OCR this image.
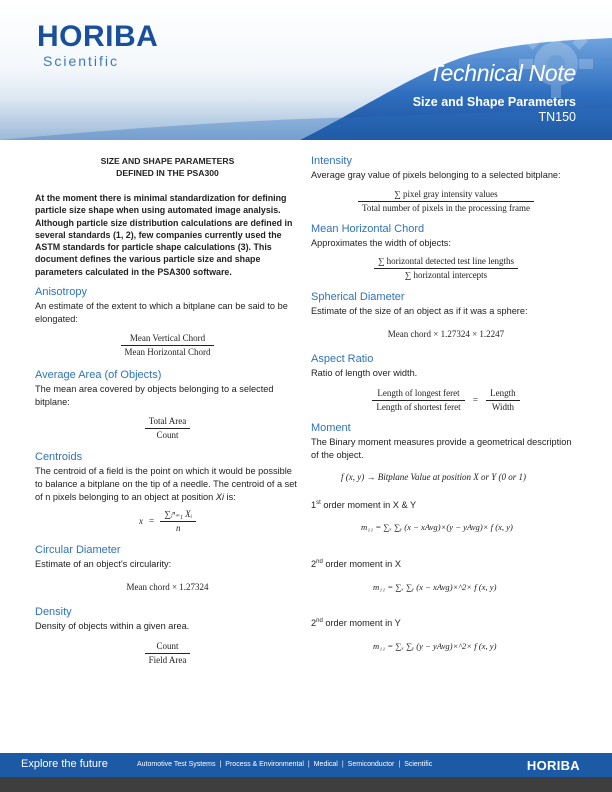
HORIBA
Scientific	Technical Note
Size and Shape Parameters
TN150
SIZE AND SHAPE PARAMETERS
DEFINED IN THE PSA300

At the moment there is minimal standardization for defining particle size shape when using automated image analysis. Although particle size distribution calculations are defined in several standards (1, 2), few companies currently used the ASTM standards for particle shape calculations (3). This document defines the various particle size and shape parameters calculated in the PSA300 software.

Anisotropy

An estimate of the extent to which a bitplane can be said to be elongated:

$\frac{\text{Mean Vertical Chord}}{\text{Mean Horizontal Chord}}$
Average Area (of Objects)

The mean area covered by objects belonging to a selected bitplane:

$\frac{\text{Total Area}}{\text{Count}}$
Centroids

The centroid of a field is the point on which it would be possible to balance a bitplane on the tip of a needle. The centroid of a set of n pixels belonging to an object at position Xi is:

$x = \frac{\text{∑ᵢⁿ₌₁ Xᵢ}}{n}$
Circular Diameter

Estimate of an object’s circularity:

Mean chord × 1.27324
Density

Density of objects within a given area.

$\frac{\text{Count}}{\text{Field Area}}$
Intensity

Average gray value of pixels belonging to a selected bitplane:

$\frac{\text{∑ pixel gray intensity values}}{\text{Total number of pixels in the processing frame}}$
Mean Horizontal Chord

Approximates the width of objects:

$\frac{\text{∑ horizontal detected test line lengths}}{\text{∑ horizontal intercepts}}$
Spherical Diameter

Estimate of the size of an object as if it was a sphere:

Mean chord × 1.27324 × 1.2247
Aspect Ratio

Ratio of length over width.

$\frac{\text{Length of longest feret}}{\text{Length of shortest feret}} = \frac{\text{Length}}{\text{Width}}$
Moment

The Binary moment measures provide a geometrical description of the object.

f (x, y) → Bitplane Value at position X or Y (0 or 1)

1st order moment in X & Y

m₁₁ = ∑ₓ ∑ᵧ (x − xAvg)×(y − yAvg)× f (x, y)

2nd order moment in X

m₁₁ = ∑ₓ ∑ᵧ (x − xAvg)×^2× f (x, y)

2nd order moment in Y

m₁₁ = ∑ₓ ∑ᵧ (y − yAvg)×^2× f (x, y)
Explore the future	Automotive Test Systems | Process & Environmental | Medical | Semiconductor | Scientific	HORIBA
